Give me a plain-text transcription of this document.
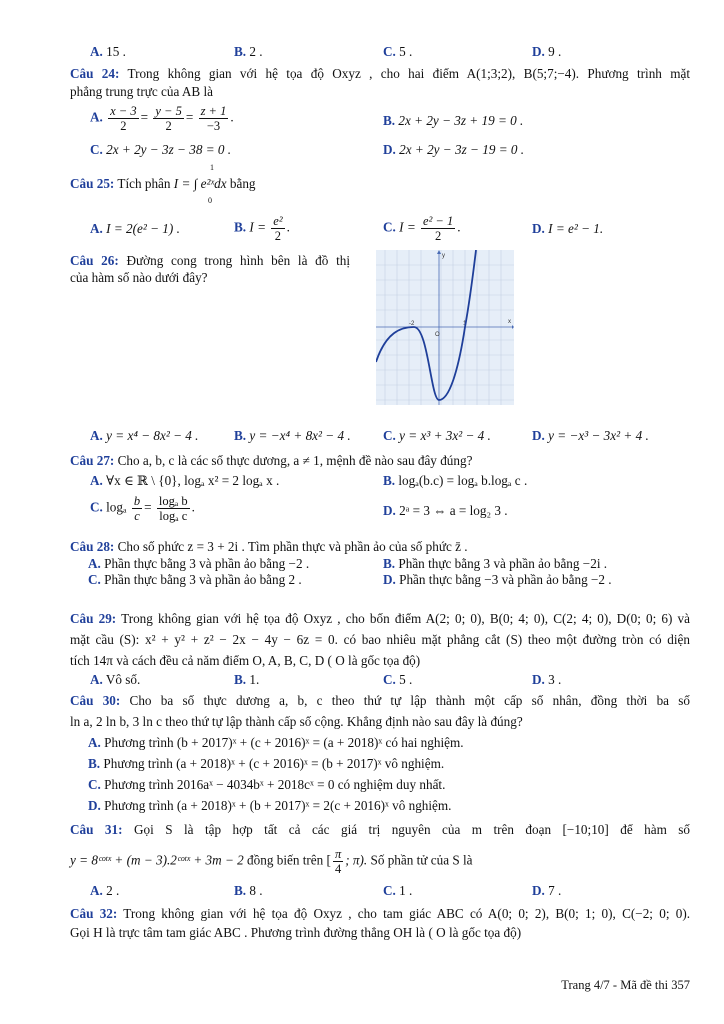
A. 15 .	B. 2 .	C. 5 .	D. 9 .
Câu 24: Trong không gian với hệ tọa độ Oxyz , cho hai điểm A(1;3;2), B(5;7;−4). Phương trình mặt
phẳng trung trực của AB là
A. $\frac{x - 3}{2} = \frac{y - 5}{2} = \frac{z + 1}{-3}$ .	B. 2x + 2y − 3z + 19 = 0 .
C. 2x + 2y − 3z − 38 = 0 .	D. 2x + 2y − 3z − 19 = 0 .
Câu 25: Tích phân I = ∫ e²ˣdx bằng
1
0
A. I = 2(e² − 1) .	B. $I = \frac{\text{e²}}{2}$ .	C. $I = \frac{\text{e² − 1}}{2}$ .	D. I = e² − 1.
Câu 26: Đường cong trong hình bên là đồ thị
của hàm số nào dưới đây?
x
y
O
-2	1
A. y = x⁴ − 8x² − 4 .	B. y = −x⁴ + 8x² − 4 . C. y = x³ + 3x² − 4 .	D. y = −x³ − 3x² + 4 .
Câu 27: Cho a, b, c là các số thực dương, a ≠ 1, mệnh đề nào sau đây đúng?
A. ∀x ∈ ℝ \ {0}, logₐ x² = 2 logₐ x .	B. logₐ(b.c) = logₐ b.logₐ c .
C. logₐ $\frac{b}{c} = \frac{\text{logₐ b}}{\text{logₐ c}}$ .	D. 2ᵃ = 3 ⇔ a = log₂ 3 .
Câu 28: Cho số phức z = 3 + 2i . Tìm phần thực và phần ảo của số phức z̄ .
A. Phần thực bằng 3 và phần ảo bằng −2 .	B. Phần thực bằng 3 và phần ảo bằng −2i .
C. Phần thực bằng 3 và phần ảo bằng 2 .	D. Phần thực bằng −3 và phần ảo bằng −2 .
Câu 29: Trong không gian với hệ tọa độ Oxyz , cho bốn điểm A(2; 0; 0), B(0; 4; 0), C(2; 4; 0), D(0; 0; 6) và
mặt cầu (S): x² + y² + z² − 2x − 4y − 6z = 0. có bao nhiêu mặt phẳng cắt (S) theo một đường tròn có diện
tích 14π và cách đều cả năm điểm O, A, B, C, D ( O là gốc tọa độ)
A. Vô số.	B. 1.	C. 5 .	D. 3 .
Câu 30: Cho ba số thực dương a, b, c theo thứ tự lập thành một cấp số nhân, đồng thời ba số
ln a, 2 ln b, 3 ln c theo thứ tự lập thành cấp số cộng. Khẳng định nào sau đây là đúng?
A. Phương trình (b + 2017)ˣ + (c + 2016)ˣ = (a + 2018)ˣ có hai nghiệm.
B. Phương trình (a + 2018)ˣ + (c + 2016)ˣ = (b + 2017)ˣ vô nghiệm.
C. Phương trình 2016aˣ − 4034bˣ + 2018cˣ = 0 có nghiệm duy nhất.
D. Phương trình (a + 2018)ˣ + (b + 2017)ˣ = 2(c + 2016)ˣ vô nghiệm.
Câu 31: Gọi S là tập hợp tất cả các giá trị nguyên của m trên đoạn [−10;10] để hàm số
y = 8ᶜᵒᵗˣ + (m − 3).2ᶜᵒᵗˣ + 3m − 2 đồng biến trên [ $\frac{\pi}{4}$ ; π). Số phần tử của S là
A. 2 .	B. 8 .	C. 1 .	D. 7 .
Câu 32: Trong không gian với hệ tọa độ Oxyz , cho tam giác ABC có A(0; 0; 2), B(0; 1; 0), C(−2; 0; 0).
Gọi H là trực tâm tam giác ABC . Phương trình đường thẳng OH là ( O là gốc tọa độ)
Trang 4/7 - Mã đề thi 357
